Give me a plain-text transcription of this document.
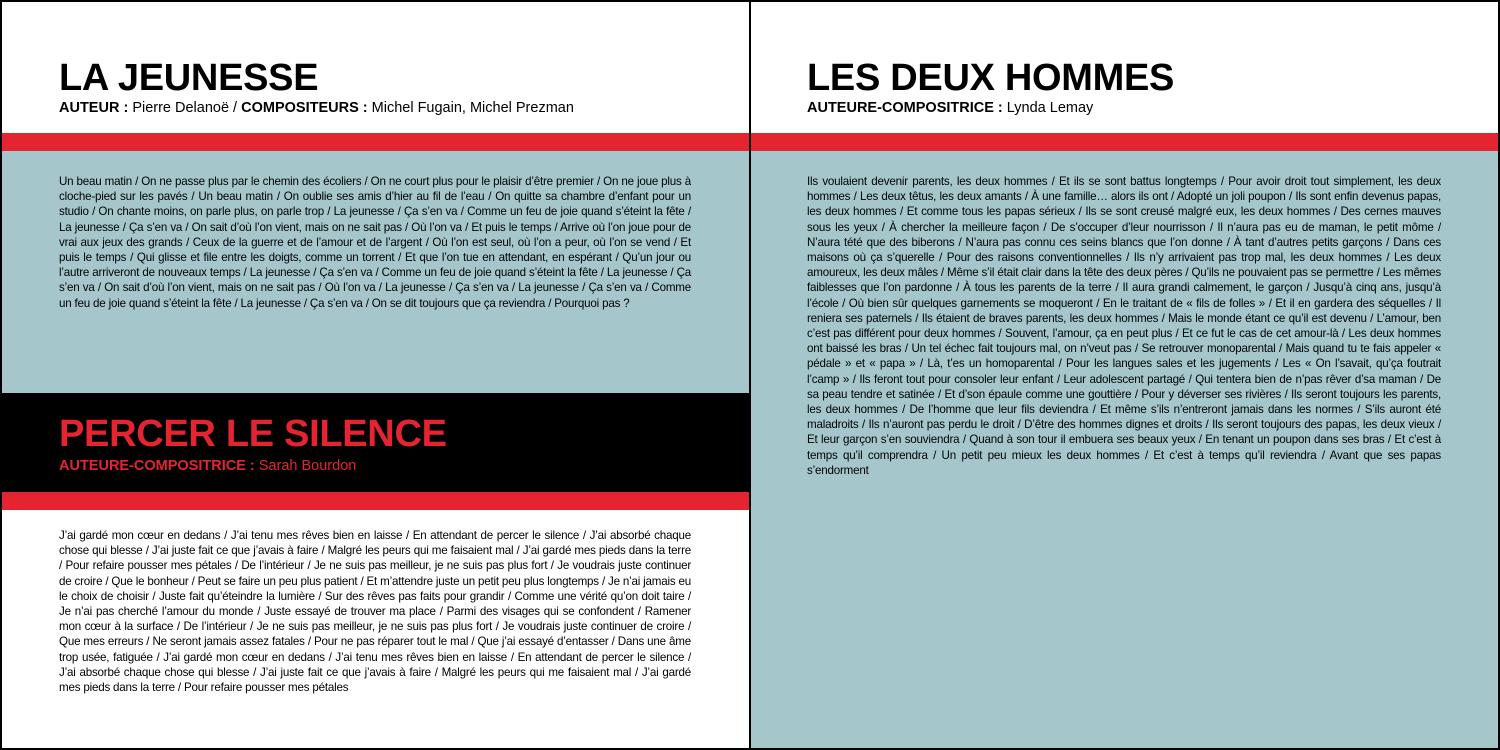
LA JEUNESSE
AUTEUR : Pierre Delanoë / COMPOSITEURS : Michel Fugain, Michel Prezman
Un beau matin / On ne passe plus par le chemin des écoliers / On ne court plus pour le plaisir d’être premier / On ne joue plus à cloche-pied sur les pavés / Un beau matin / On oublie ses amis d’hier au fil de l’eau / On quitte sa chambre d’enfant pour un studio / On chante moins, on parle plus, on parle trop / La jeunesse / Ça s’en va / Comme un feu de joie quand s’éteint la fête / La jeunesse / Ça s’en va / On sait d’où l’on vient, mais on ne sait pas / Où l’on va / Et puis le temps / Arrive où l’on joue pour de vrai aux jeux des grands / Ceux de la guerre et de l’amour et de l’argent / Où l’on est seul, où l’on a peur, où l’on se vend / Et puis le temps / Qui glisse et file entre les doigts, comme un torrent / Et que l’on tue en attendant, en espérant / Qu’un jour ou l’autre arriveront de nouveaux temps / La jeunesse / Ça s’en va / Comme un feu de joie quand s’éteint la fête / La jeunesse / Ça s’en va / On sait d’où l’on vient, mais on ne sait pas / Où l’on va / La jeunesse / Ça s’en va / La jeunesse / Ça s’en va / Comme un feu de joie quand s’éteint la fête / La jeunesse / Ça s’en va / On se dit toujours que ça reviendra / Pourquoi pas ?
PERCER LE SILENCE
AUTEURE-COMPOSITRICE : Sarah Bourdon
J’ai gardé mon cœur en dedans / J’ai tenu mes rêves bien en laisse / En attendant de percer le silence / J’ai absorbé chaque chose qui blesse / J’ai juste fait ce que j’avais à faire / Malgré les peurs qui me faisaient mal / J’ai gardé mes pieds dans la terre / Pour refaire pousser mes pétales / De l’intérieur / Je ne suis pas meilleur, je ne suis pas plus fort / Je voudrais juste continuer de croire / Que le bonheur / Peut se faire un peu plus patient / Et m’attendre juste un petit peu plus longtemps / Je n’ai jamais eu le choix de choisir / Juste fait qu’éteindre la lumière / Sur des rêves pas faits pour grandir / Comme une vérité qu’on doit taire / Je n’ai pas cherché l’amour du monde / Juste essayé de trouver ma place / Parmi des visages qui se confondent / Ramener mon cœur à la surface / De l’intérieur / Je ne suis pas meilleur, je ne suis pas plus fort / Je voudrais juste continuer de croire / Que mes erreurs / Ne seront jamais assez fatales / Pour ne pas réparer tout le mal / Que j’ai essayé d’entasser / Dans une âme trop usée, fatiguée / J’ai gardé mon cœur en dedans / J’ai tenu mes rêves bien en laisse / En attendant de percer le silence / J’ai absorbé chaque chose qui blesse / J’ai juste fait ce que j’avais à faire / Malgré les peurs qui me faisaient mal / J’ai gardé mes pieds dans la terre / Pour refaire pousser mes pétales
LES DEUX HOMMES
AUTEURE-COMPOSITRICE : Lynda Lemay
Ils voulaient devenir parents, les deux hommes / Et ils se sont battus longtemps / Pour avoir droit tout simplement, les deux hommes / Les deux têtus, les deux amants / À une famille… alors ils ont / Adopté un joli poupon / Ils sont enfin devenus papas, les deux hommes / Et comme tous les papas sérieux / Ils se sont creusé malgré eux, les deux hommes / Des cernes mauves sous les yeux / À chercher la meilleure façon / De s’occuper d’leur nourrisson / Il n’aura pas eu de maman, le petit môme / N’aura tété que des biberons / N’aura pas connu ces seins blancs que l’on donne / À tant d’autres petits garçons / Dans ces maisons où ça s’querelle / Pour des raisons conventionnelles / Ils n’y arrivaient pas trop mal, les deux hommes / Les deux amoureux, les deux mâles / Même s’il était clair dans la tête des deux pères / Qu’ils ne pouvaient pas se permettre / Les mêmes faiblesses que l’on pardonne / À tous les parents de la terre / Il aura grandi calmement, le garçon / Jusqu’à cinq ans, jusqu’à l’école / Où bien sûr quelques garnements se moqueront / En le traitant de « fils de folles » / Et il en gardera des séquelles / Il reniera ses paternels / Ils étaient de braves parents, les deux hommes / Mais le monde étant ce qu’il est devenu / L’amour, ben c’est pas différent pour deux hommes / Souvent, l’amour, ça en peut plus / Et ce fut le cas de cet amour-là / Les deux hommes ont baissé les bras / Un tel échec fait toujours mal, on n’veut pas / Se retrouver monoparental / Mais quand tu te fais appeler « pédale » et « papa » / Là, t’es un homoparental / Pour les langues sales et les jugements / Les « On l’savait, qu’ça foutrait l’camp » / Ils feront tout pour consoler leur enfant / Leur adolescent partagé / Qui tentera bien de n’pas rêver d’sa maman / De sa peau tendre et satinée / Et d’son épaule comme une gouttière / Pour y déverser ses rivières / Ils seront toujours les parents, les deux hommes / De l’homme que leur fils deviendra / Et même s’ils n’entreront jamais dans les normes / S’ils auront été maladroits / Ils n’auront pas perdu le droit / D’être des hommes dignes et droits / Ils seront toujours des papas, les deux vieux / Et leur garçon s’en souviendra / Quand à son tour il embuera ses beaux yeux / En tenant un poupon dans ses bras / Et c’est à temps qu’il comprendra / Un petit peu mieux les deux hommes / Et c’est à temps qu’il reviendra / Avant que ses papas s’endorment
